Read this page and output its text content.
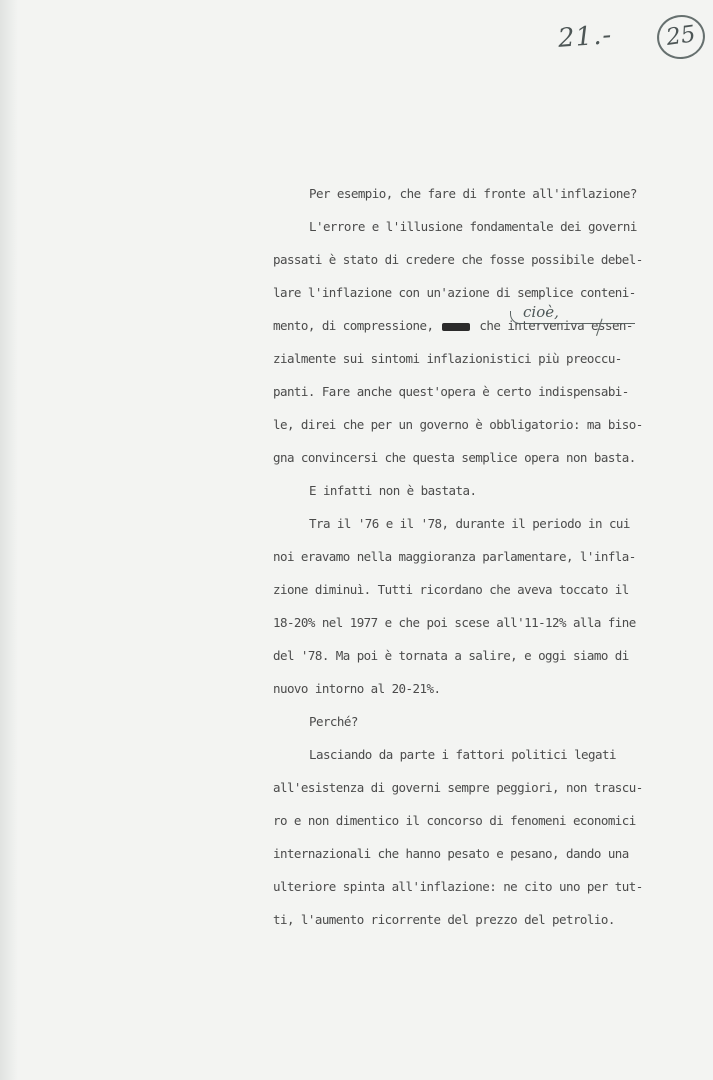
21.-	25
Per esempio, che fare di fronte all'inflazione?
L'errore e l'illusione fondamentale dei governi
passati è stato di credere che fosse possibile debel-
lare l'inflazione con un'azione di semplice conteni-
mento, di compressione,	che interveniva essen-
cioè,
zialmente sui sintomi inflazionistici più preoccu-
panti. Fare anche quest'opera è certo indispensabi-
le, direi che per un governo è obbligatorio: ma biso-
gna convincersi che questa semplice opera non basta.
E infatti non è bastata.
Tra il '76 e il '78, durante il periodo in cui
noi eravamo nella maggioranza parlamentare, l'infla-
zione diminuì. Tutti ricordano che aveva toccato il
18-20% nel 1977 e che poi scese all'11-12% alla fine
del '78. Ma poi è tornata a salire, e oggi siamo di
nuovo intorno al 20-21%.
Perché?
Lasciando da parte i fattori politici legati
all'esistenza di governi sempre peggiori, non trascu-
ro e non dimentico il concorso di fenomeni economici
internazionali che hanno pesato e pesano, dando una
ulteriore spinta all'inflazione: ne cito uno per tut-
ti, l'aumento ricorrente del prezzo del petrolio.
